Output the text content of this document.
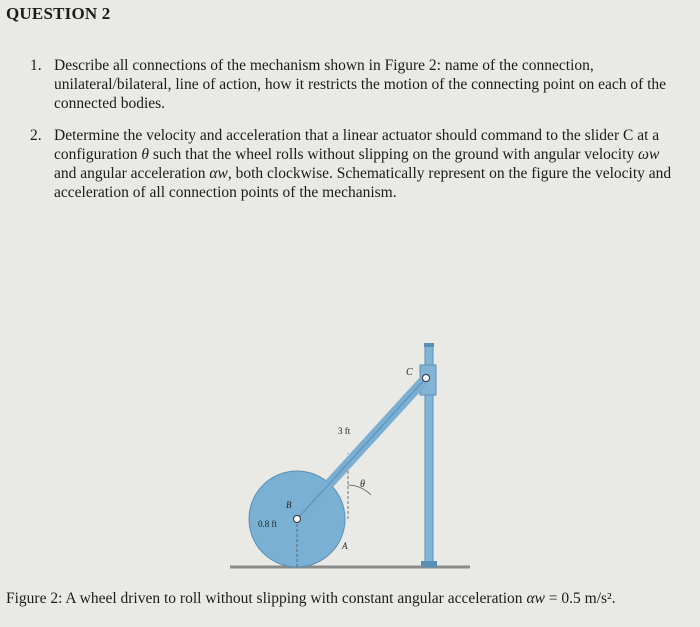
QUESTION 2
1. Describe all connections of the mechanism shown in Figure 2: name of the connection, unilateral/bilateral, line of action, how it restricts the motion of the connecting point on each of the connected bodies.
2. Determine the velocity and acceleration that a linear actuator should command to the slider C at a configuration θ such that the wheel rolls without slipping on the ground with angular velocity ωw and angular acceleration αw, both clockwise. Schematically represent on the figure the velocity and acceleration of all connection points of the mechanism.
C
3 ft
θ
B
0.8 ft
A
Figure 2: A wheel driven to roll without slipping with constant angular acceleration αw = 0.5 m/s².
